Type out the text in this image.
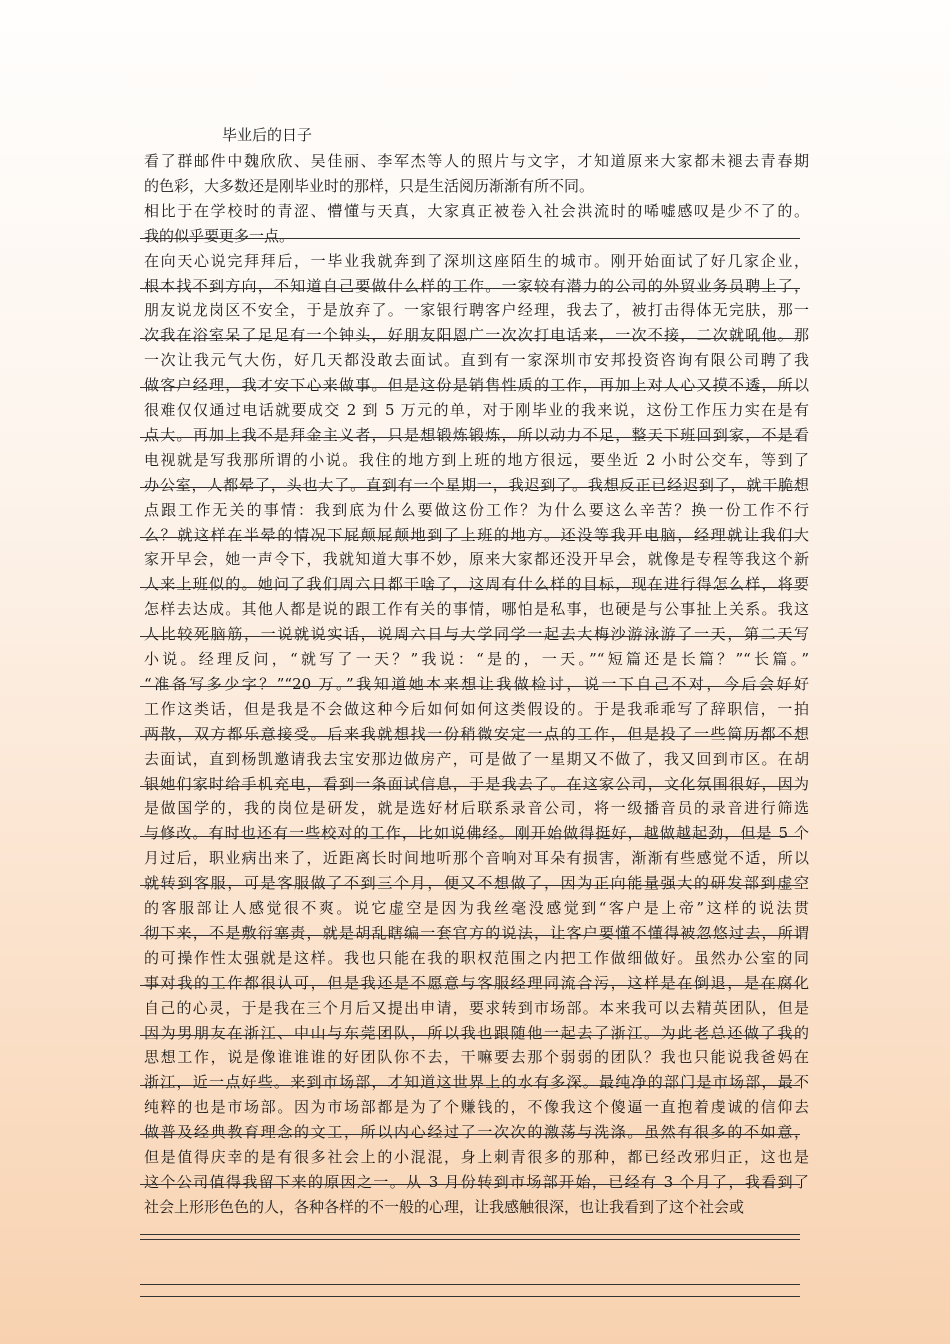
毕业后的日子
看了群邮件中魏欣欣、吴佳丽、李军杰等人的照片与文字，才知道原来大家都未褪去青春期
的色彩，大多数还是刚毕业时的那样，只是生活阅历渐渐有所不同。
相比于在学校时的青涩、懵懂与天真，大家真正被卷入社会洪流时的唏嘘感叹是少不了的。
我的似乎要更多一点。
在向天心说完拜拜后，一毕业我就奔到了深圳这座陌生的城市。刚开始面试了好几家企业，
根本找不到方向，不知道自己要做什么样的工作。一家较有潜力的公司的外贸业务员聘上了，
朋友说龙岗区不安全，于是放弃了。一家银行聘客户经理，我去了，被打击得体无完肤，那一
次我在浴室呆了足足有一个钟头，好朋友阳恩广一次次打电话来，一次不接，二次就吼他。那
一次让我元气大伤，好几天都没敢去面试。直到有一家深圳市安邦投资咨询有限公司聘了我
做客户经理，我才安下心来做事。但是这份是销售性质的工作，再加上对人心又摸不透，所以
很难仅仅通过电话就要成交 2 到 5 万元的单，对于刚毕业的我来说，这份工作压力实在是有
点大。再加上我不是拜金主义者，只是想锻炼锻炼，所以动力不足，整天下班回到家，不是看
电视就是写我那所谓的小说。我住的地方到上班的地方很远，要坐近 2 小时公交车，等到了
办公室，人都晕了，头也大了。直到有一个星期一，我迟到了。我想反正已经迟到了，就干脆想
点跟工作无关的事情：我到底为什么要做这份工作？为什么要这么辛苦？换一份工作不行
么？就这样在半晕的情况下屁颠屁颠地到了上班的地方。还没等我开电脑，经理就让我们大
家开早会，她一声令下，我就知道大事不妙，原来大家都还没开早会，就像是专程等我这个新
人来上班似的。她问了我们周六日都干啥了，这周有什么样的目标，现在进行得怎么样，将要
怎样去达成。其他人都是说的跟工作有关的事情，哪怕是私事，也硬是与公事扯上关系。我这
人比较死脑筋，一说就说实话，说周六日与大学同学一起去大梅沙游泳游了一天，第二天写
小说。经理反问，“就写了一天？”我说：“是的，一天。”“短篇还是长篇？”“长篇。”
“准备写多少字？”“20 万。”我知道她本来想让我做检讨，说一下自己不对，今后会好好
工作这类话，但是我是不会做这种今后如何如何这类假设的。于是我乖乖写了辞职信，一拍
两散，双方都乐意接受。后来我就想找一份稍微安定一点的工作，但是投了一些简历都不想
去面试，直到杨凯邀请我去宝安那边做房产，可是做了一星期又不做了，我又回到市区。在胡
银她们家时给手机充电，看到一条面试信息，于是我去了。在这家公司，文化氛围很好，因为
是做国学的，我的岗位是研发，就是选好材后联系录音公司，将一级播音员的录音进行筛选
与修改。有时也还有一些校对的工作，比如说佛经。刚开始做得挺好，越做越起劲，但是 5 个
月过后，职业病出来了，近距离长时间地听那个音响对耳朵有损害，渐渐有些感觉不适，所以
就转到客服，可是客服做了不到三个月，便又不想做了，因为正向能量强大的研发部到虚空
的客服部让人感觉很不爽。说它虚空是因为我丝毫没感觉到“客户是上帝”这样的说法贯
彻下来，不是敷衍塞责，就是胡乱瞎编一套官方的说法，让客户要懂不懂得被忽悠过去，所谓
的可操作性太强就是这样。我也只能在我的职权范围之内把工作做细做好。虽然办公室的同
事对我的工作都很认可，但是我还是不愿意与客服经理同流合污，这样是在倒退，是在腐化
自己的心灵，于是我在三个月后又提出申请，要求转到市场部。本来我可以去精英团队，但是
因为男朋友在浙江、中山与东莞团队，所以我也跟随他一起去了浙江。为此老总还做了我的
思想工作，说是像谁谁谁的好团队你不去，干嘛要去那个弱弱的团队？我也只能说我爸妈在
浙江，近一点好些。来到市场部，才知道这世界上的水有多深。最纯净的部门是市场部，最不
纯粹的也是市场部。因为市场部都是为了个赚钱的，不像我这个傻逼一直抱着虔诚的信仰去
做普及经典教育理念的文工，所以内心经过了一次次的激荡与洗涤。虽然有很多的不如意，
但是值得庆幸的是有很多社会上的小混混，身上刺青很多的那种，都已经改邪归正，这也是
这个公司值得我留下来的原因之一。从 3 月份转到市场部开始，已经有 3 个月了，我看到了
社会上形形色色的人，各种各样的不一般的心理，让我感触很深，也让我看到了这个社会或
